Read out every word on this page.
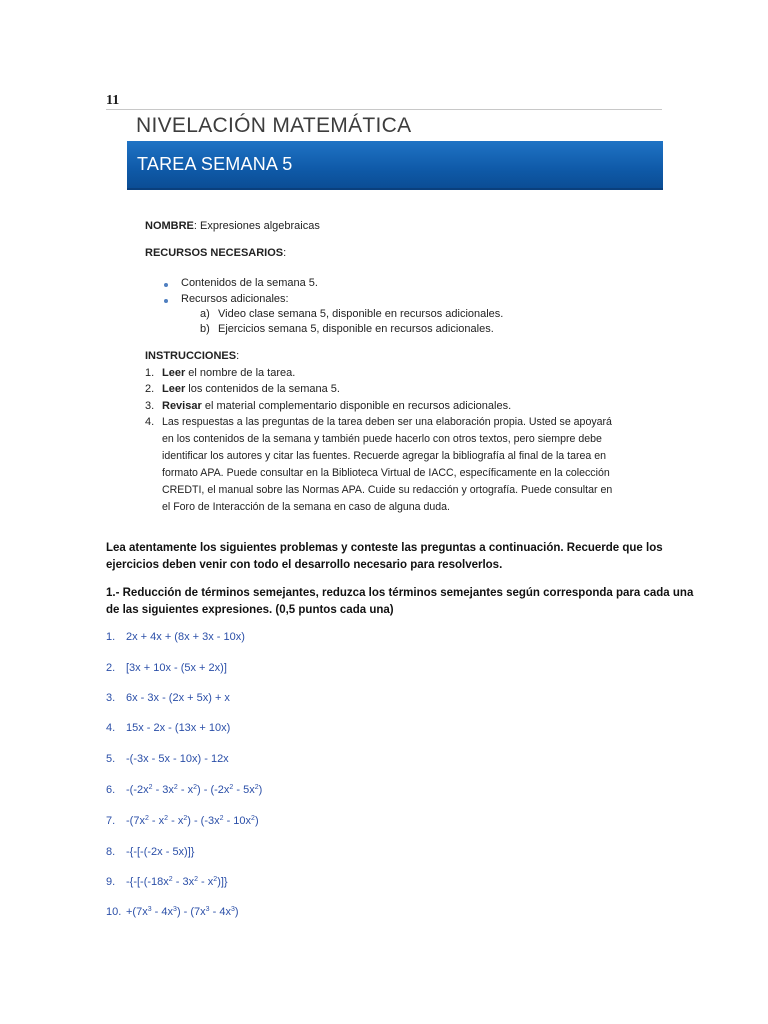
11
NIVELACIÓN MATEMÁTICA
TAREA SEMANA 5
NOMBRE: Expresiones algebraicas
RECURSOS NECESARIOS:
Contenidos de la semana 5.
Recursos adicionales:
a) Video clase semana 5, disponible en recursos adicionales.
b) Ejercicios semana 5, disponible en recursos adicionales.
INSTRUCCIONES:
1. Leer el nombre de la tarea.
2. Leer los contenidos de la semana 5.
3. Revisar el material complementario disponible en recursos adicionales.
4. Las respuestas a las preguntas de la tarea deben ser una elaboración propia. Usted se apoyará
en los contenidos de la semana y también puede hacerlo con otros textos, pero siempre debe
identificar los autores y citar las fuentes. Recuerde agregar la bibliografía al final de la tarea en
formato APA. Puede consultar en la Biblioteca Virtual de IACC, específicamente en la colección
CREDTI, el manual sobre las Normas APA. Cuide su redacción y ortografía. Puede consultar en
el Foro de Interacción de la semana en caso de alguna duda.
Lea atentamente los siguientes problemas y conteste las preguntas a continuación. Recuerde que los
ejercicios deben venir con todo el desarrollo necesario para resolverlos.
1.- Reducción de términos semejantes, reduzca los términos semejantes según corresponda para cada una
de las siguientes expresiones. (0,5 puntos cada una)
1. 2x + 4x + (8x + 3x - 10x)
2. [3x + 10x - (5x + 2x)]
3. 6x - 3x - (2x + 5x) + x
4. 15x - 2x - (13x + 10x)
5. -(-3x - 5x - 10x) - 12x
6. $-(-2x^2 - 3x^2 - x^2) - (-2x^2 - 5x^2)$
7. $-(7x^2 - x^2 - x^2) - (-3x^2 - 10x^2)$
8. -{-[-(-2x - 5x)]}
9. $-\{-[-(-18x^2 - 3x^2 - x^2)]\}$
10. $+(7x^3 - 4x^3) - (7x^3 - 4x^3)$
